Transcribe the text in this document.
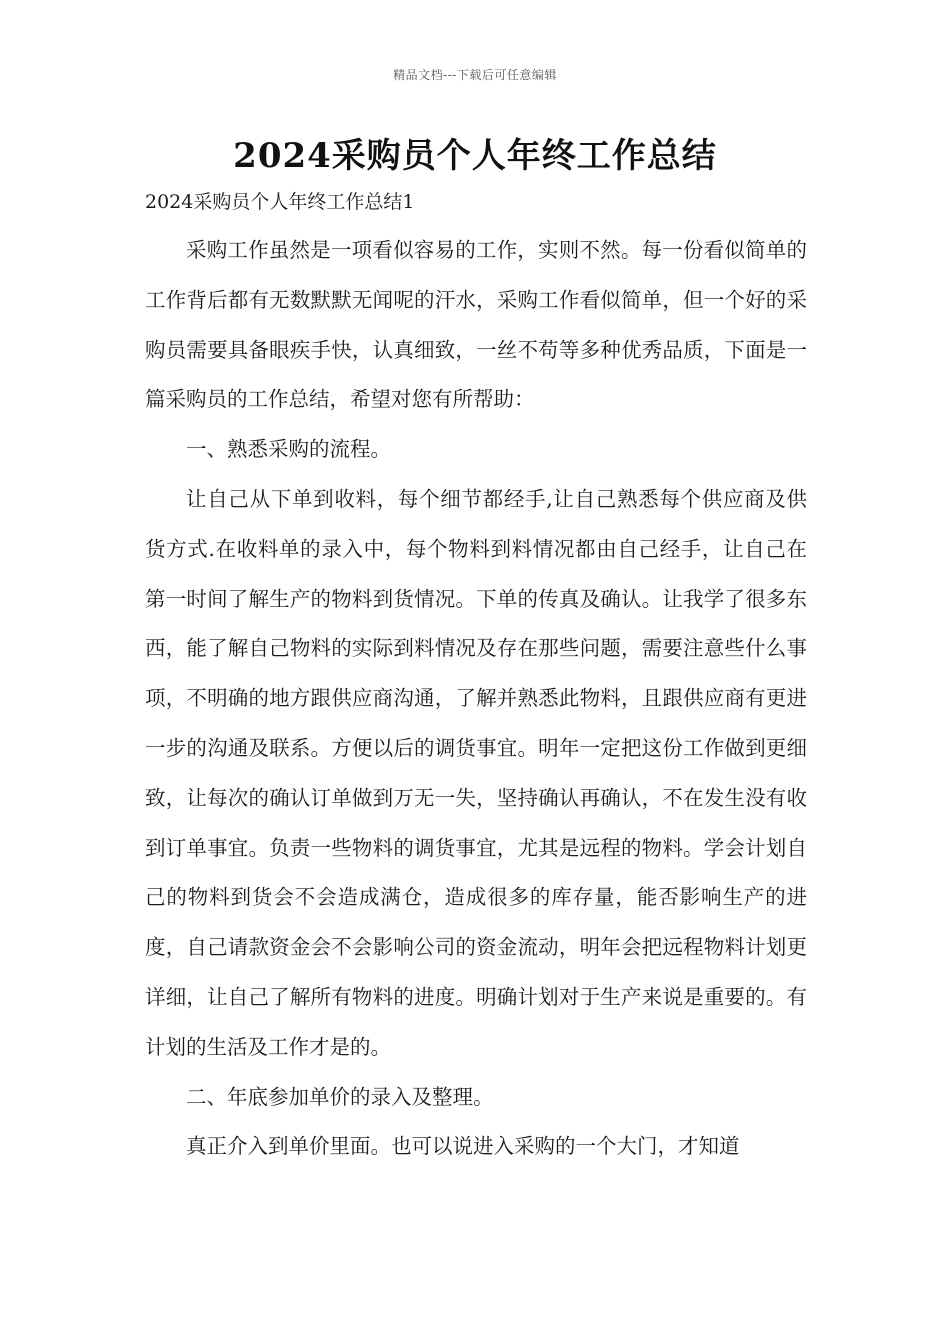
精品文档---下载后可任意编辑
2024采购员个人年终工作总结
2024采购员个人年终工作总结1

采购工作虽然是一项看似容易的工作，实则不然。每一份看似简单的工作背后都有无数默默无闻呢的汗水，采购工作看似简单，但一个好的采购员需要具备眼疾手快，认真细致，一丝不苟等多种优秀品质，下面是一篇采购员的工作总结，希望对您有所帮助：

一、熟悉采购的流程。

让自己从下单到收料，每个细节都经手,让自己熟悉每个供应商及供货方式.在收料单的录入中，每个物料到料情况都由自己经手，让自己在第一时间了解生产的物料到货情况。下单的传真及确认。让我学了很多东西，能了解自己物料的实际到料情况及存在那些问题，需要注意些什么事项，不明确的地方跟供应商沟通，了解并熟悉此物料，且跟供应商有更进一步的沟通及联系。方便以后的调货事宜。明年一定把这份工作做到更细致，让每次的确认订单做到万无一失，坚持确认再确认，不在发生没有收到订单事宜。负责一些物料的调货事宜，尤其是远程的物料。学会计划自己的物料到货会不会造成满仓，造成很多的库存量，能否影响生产的进度，自己请款资金会不会影响公司的资金流动，明年会把远程物料计划更详细，让自己了解所有物料的进度。明确计划对于生产来说是重要的。有计划的生活及工作才是的。

二、年底参加单价的录入及整理。

真正介入到单价里面。也可以说进入采购的一个大门，才知道
